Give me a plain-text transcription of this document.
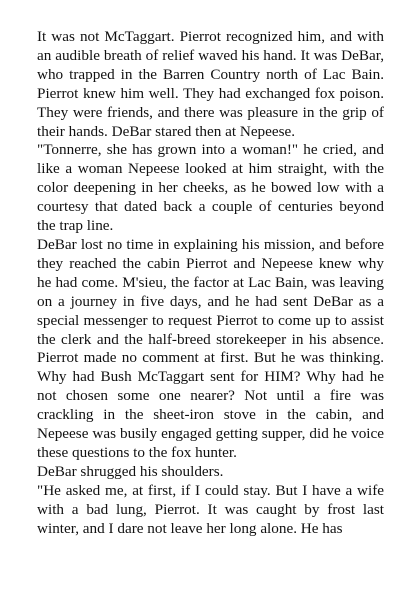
It was not McTaggart. Pierrot recognized him, and with an audible breath of relief waved his hand. It was DeBar, who trapped in the Barren Country north of Lac Bain. Pierrot knew him well. They had exchanged fox poison. They were friends, and there was pleasure in the grip of their hands. DeBar stared then at Nepeese.

"Tonnerre, she has grown into a woman!" he cried, and like a woman Nepeese looked at him straight, with the color deepening in her cheeks, as he bowed low with a courtesy that dated back a couple of centuries beyond the trap line.

DeBar lost no time in explaining his mission, and before they reached the cabin Pierrot and Nepeese knew why he had come. M'sieu, the factor at Lac Bain, was leaving on a journey in five days, and he had sent DeBar as a special messenger to request Pierrot to come up to assist the clerk and the half-breed storekeeper in his absence. Pierrot made no comment at first. But he was thinking. Why had Bush McTaggart sent for HIM? Why had he not chosen some one nearer? Not until a fire was crackling in the sheet-iron stove in the cabin, and Nepeese was busily engaged getting supper, did he voice these questions to the fox hunter.

DeBar shrugged his shoulders.

"He asked me, at first, if I could stay. But I have a wife with a bad lung, Pierrot. It was caught by frost last winter, and I dare not leave her long alone. He has
